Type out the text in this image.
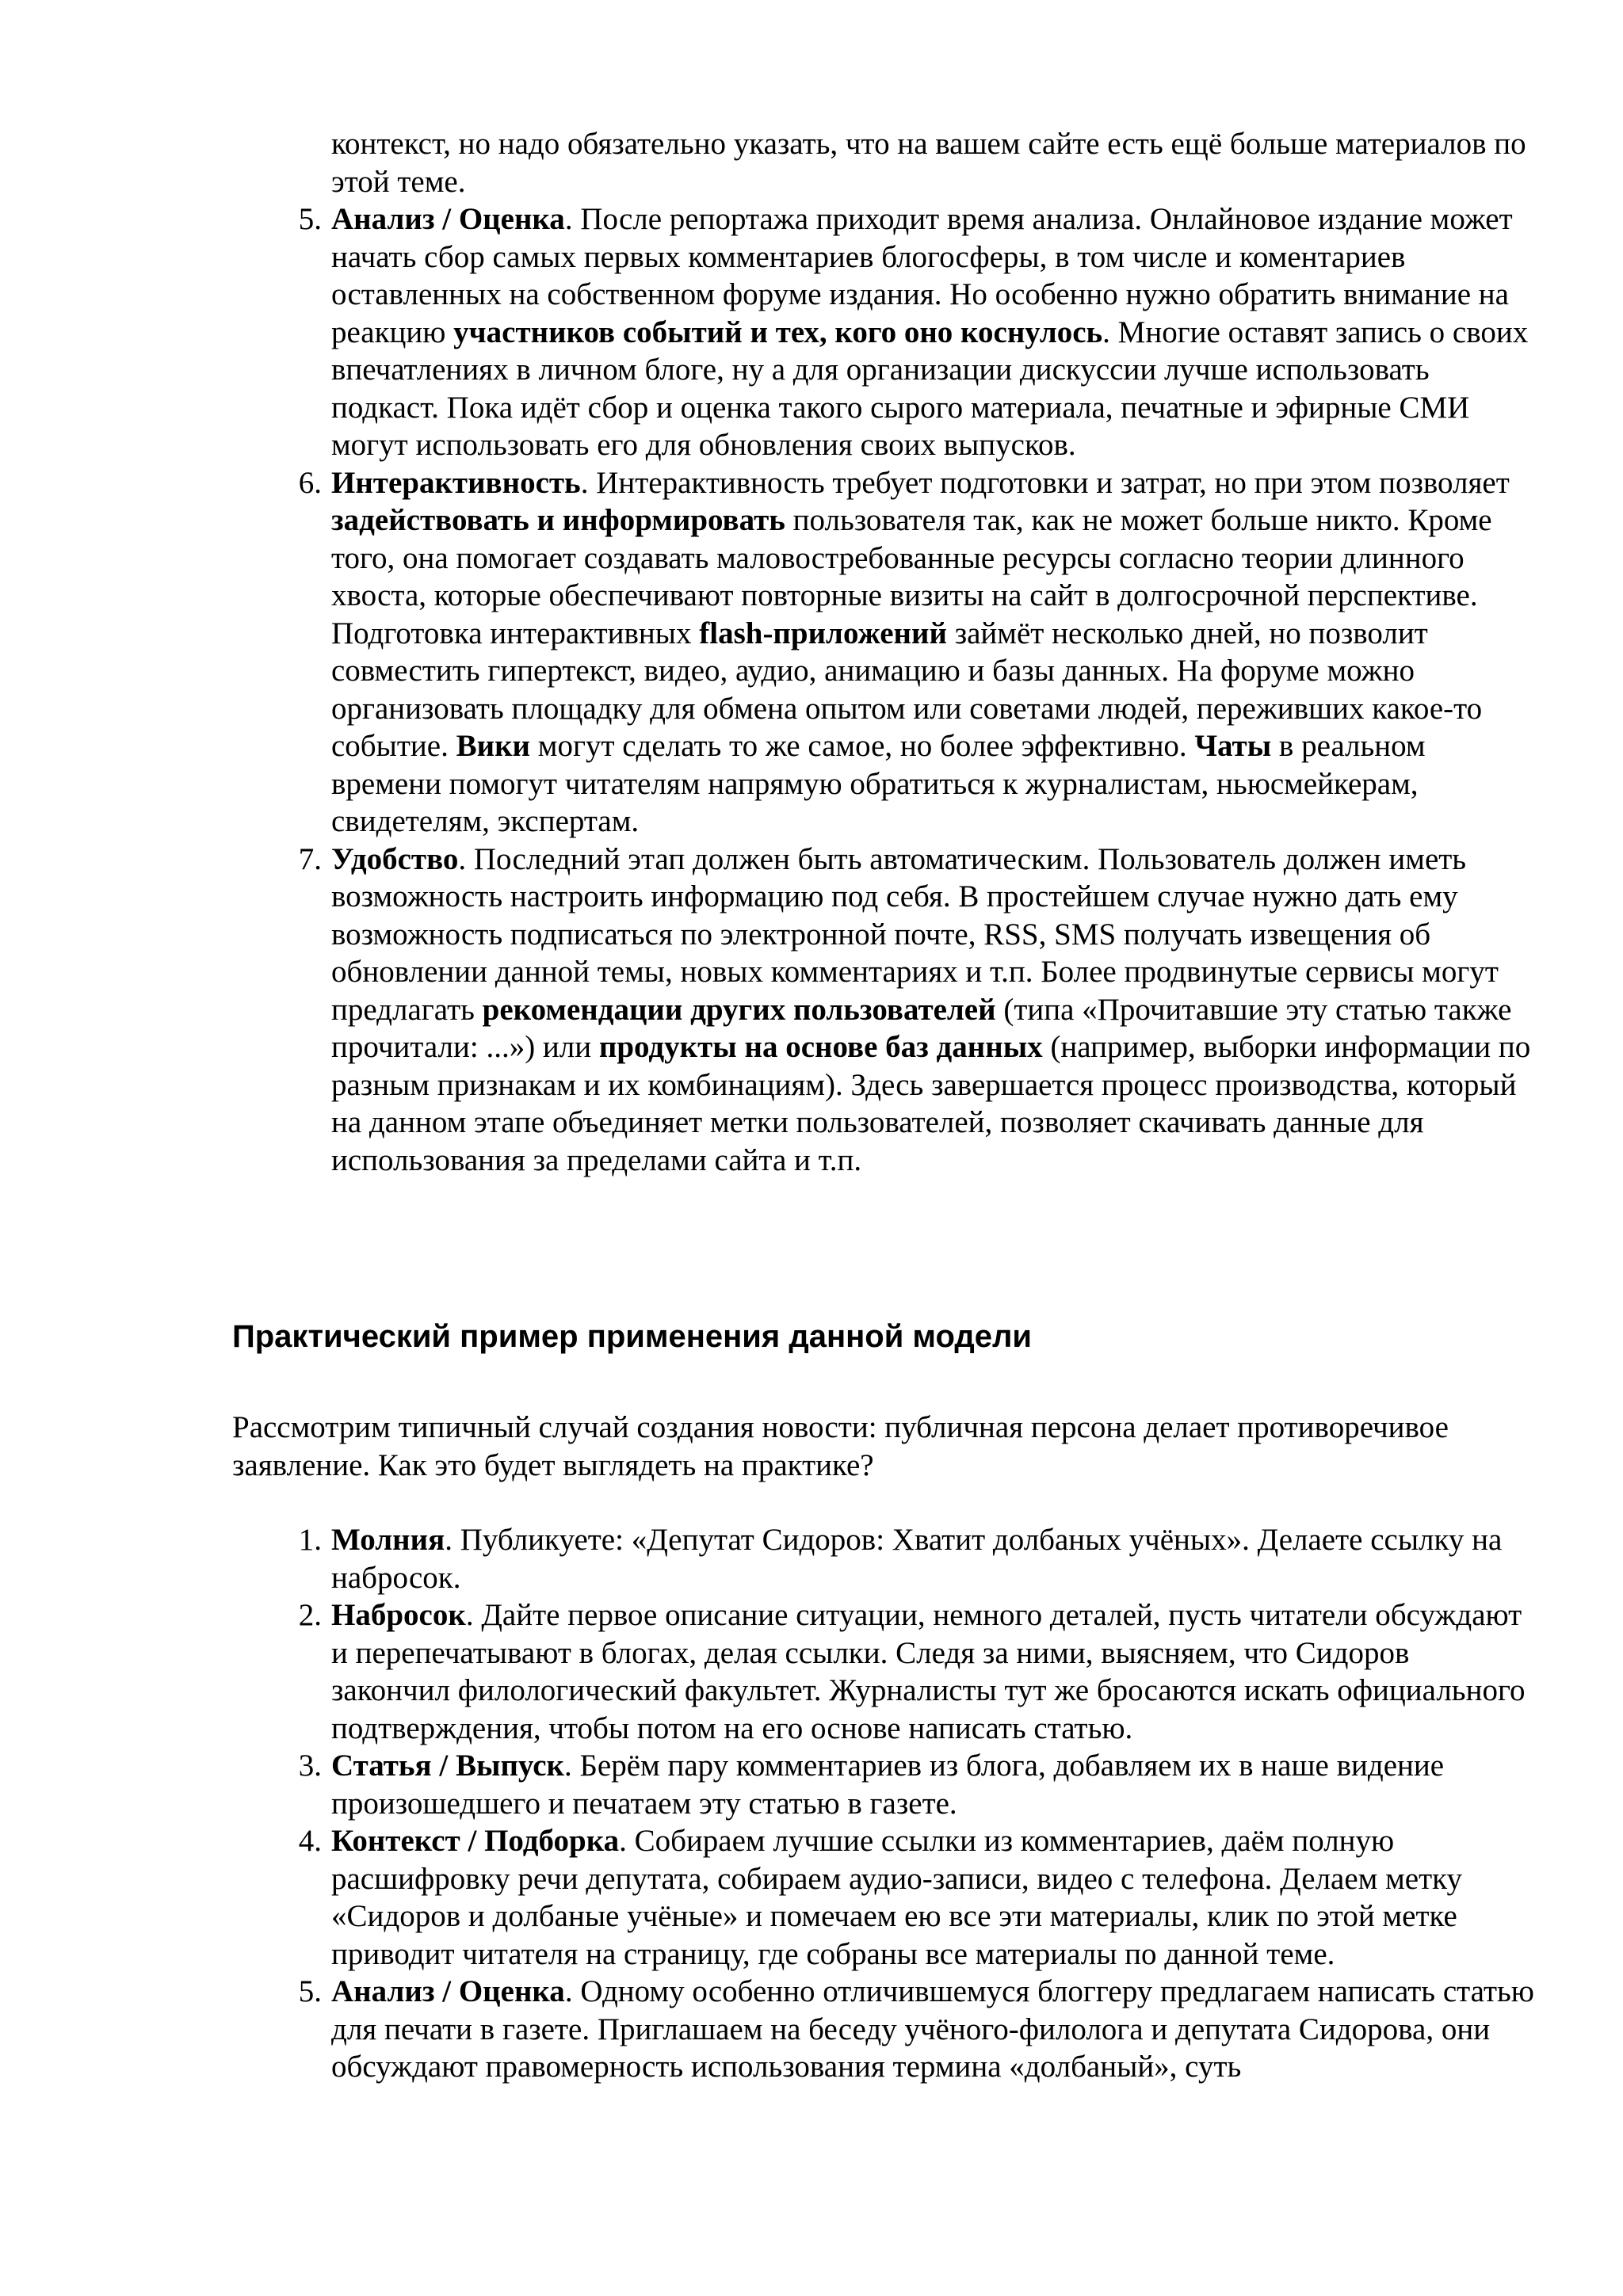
контекст, но надо обязательно указать, что на вашем сайте есть ещё больше материалов по этой теме.

5. Анализ / Оценка. После репортажа приходит время анализа. Онлайновое издание может начать сбор самых первых комментариев блогосферы, в том числе и коментариев оставленных на собственном форуме издания. Но особенно нужно обратить внимание на реакцию участников событий и тех, кого оно коснулось. Многие оставят запись о своих впечатлениях в личном блоге, ну а для организации дискуссии лучше использовать подкаст. Пока идёт сбор и оценка такого сырого материала, печатные и эфирные СМИ могут использовать его для обновления своих выпусков.

6. Интерактивность. Интерактивность требует подготовки и затрат, но при этом позволяет задействовать и информировать пользователя так, как не может больше никто. Кроме того, она помогает создавать маловостребованные ресурсы согласно теории длинного хвоста, которые обеспечивают повторные визиты на сайт в долгосрочной перспективе. Подготовка интерактивных flash-приложений займёт несколько дней, но позволит совместить гипертекст, видео, аудио, анимацию и базы данных. На форуме можно организовать площадку для обмена опытом или советами людей, переживших какое-то событие. Вики могут сделать то же самое, но более эффективно. Чаты в реальном времени помогут читателям напрямую обратиться к журналистам, ньюсмейкерам, свидетелям, экспертам.

7. Удобство. Последний этап должен быть автоматическим. Пользователь должен иметь возможность настроить информацию под себя. В простейшем случае нужно дать ему возможность подписаться по электронной почте, RSS, SMS получать извещения об обновлении данной темы, новых комментариях и т.п. Более продвинутые сервисы могут предлагать рекомендации других пользователей (типа «Прочитавшие эту статью также прочитали: ...») или продукты на основе баз данных (например, выборки информации по разным признакам и их комбинациям). Здесь завершается процесс производства, который на данном этапе объединяет метки пользователей, позволяет скачивать данные для использования за пределами сайта и т.п.

Практический пример применения данной модели

Рассмотрим типичный случай создания новости: публичная персона делает противоречивое заявление. Как это будет выглядеть на практике?

1. Молния. Публикуете: «Депутат Сидоров: Хватит долбаных учёных». Делаете ссылку на набросок.

2. Набросок. Дайте первое описание ситуации, немного деталей, пусть читатели обсуждают и перепечатывают в блогах, делая ссылки. Следя за ними, выясняем, что Сидоров закончил филологический факультет. Журналисты тут же бросаются искать официального подтверждения, чтобы потом на его основе написать статью.

3. Статья / Выпуск. Берём пару комментариев из блога, добавляем их в наше видение произошедшего и печатаем эту статью в газете.

4. Контекст / Подборка. Собираем лучшие ссылки из комментариев, даём полную расшифровку речи депутата, собираем аудио-записи, видео с телефона. Делаем метку «Сидоров и долбаные учёные» и помечаем ею все эти материалы, клик по этой метке приводит читателя на страницу, где собраны все материалы по данной теме.

5. Анализ / Оценка. Одному особенно отличившемуся блоггеру предлагаем написать статью для печати в газете. Приглашаем на беседу учёного-филолога и депутата Сидорова, они обсуждают правомерность использования термина «долбаный», суть
